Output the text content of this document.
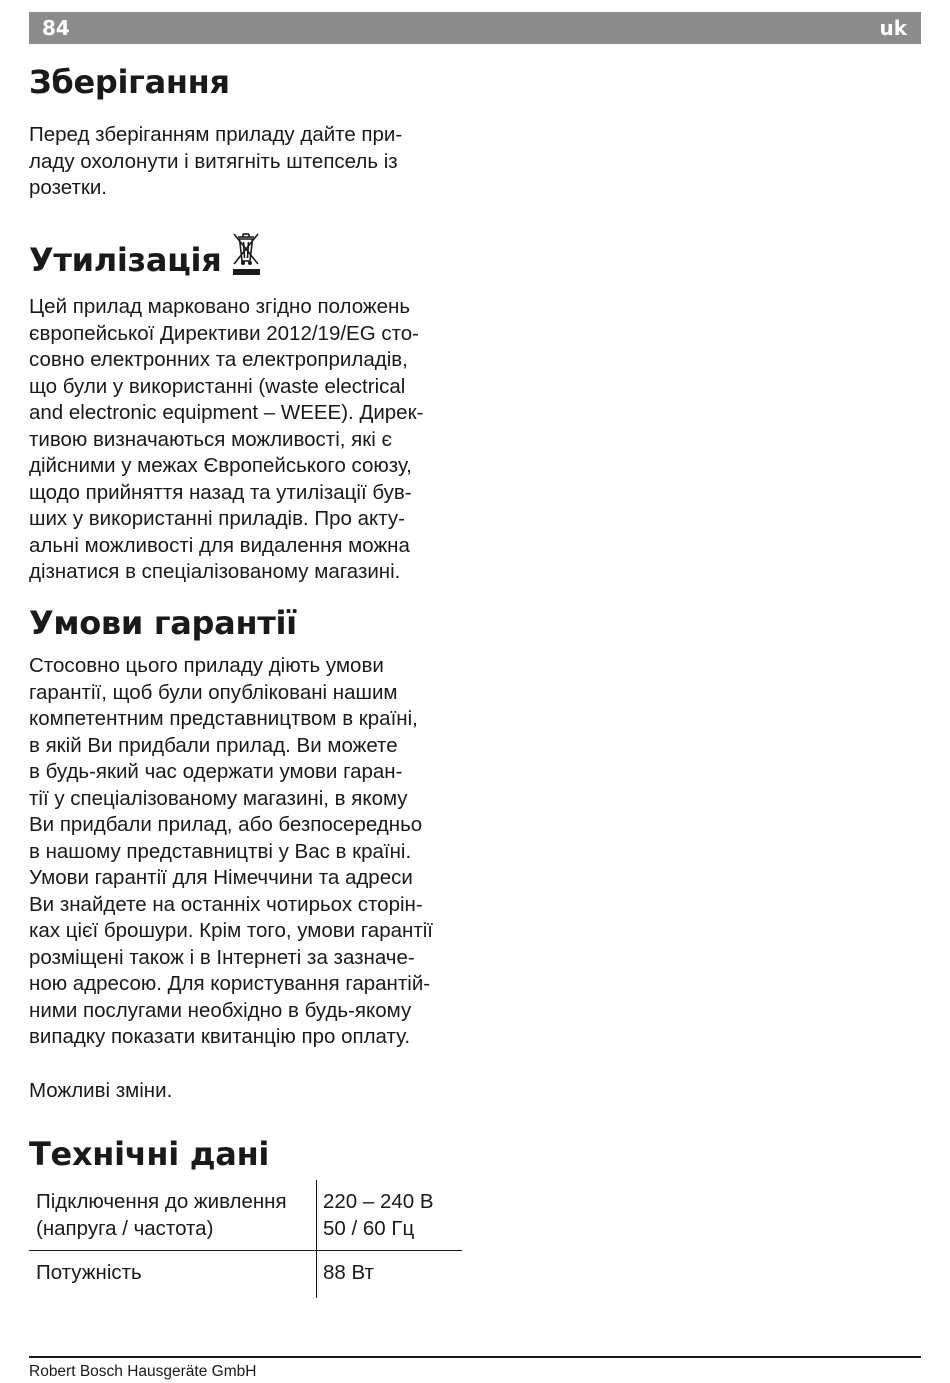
84	uk
Зберігання

Перед зберіганням приладу дайте при-
ладу охолонути і витягніть штепсель із
розетки.

Утилізація

Цей прилад марковано згідно положень
європейської Директиви 2012/19/EG сто-
совно електронних та електроприладів,
що були у використанні (waste electrical
and electronic equipment – WEEE). Дирек-
тивою визначаються можливості, які є
дійсними у межах Європейського союзу,
щодо прийняття назад та утилізації був-
ших у використанні приладів. Про акту-
альні можливості для видалення можна
дізнатися в спеціалізованому магазині.

Умови гарантії

Стосовно цього приладу діють умови
гарантії, щоб були опубліковані нашим
компетентним представництвом в країні,
в якій Ви придбали прилад. Ви можете
в будь-який час одержати умови гаран-
тії у спеціалізованому магазині, в якому
Ви придбали прилад, або безпосередньо
в нашому представництві у Вас в країні.
Умови гарантії для Німеччини та адреси
Ви знайдете на останніх чотирьох сторін-
ках цієї брошури. Крім того, умови гарантії
розміщені також і в Інтернеті за зазначе-
ною адресою. Для користування гарантій-
ними послугами необхідно в будь-якому
випадку показати квитанцію про оплату.

Можливі зміни.

Технічні дані
Підключення до живлення
(напруга / частота)	220 – 240 В
50 / 60 Гц
Потужність	88 Вт
Robert Bosch Hausgeräte GmbH
